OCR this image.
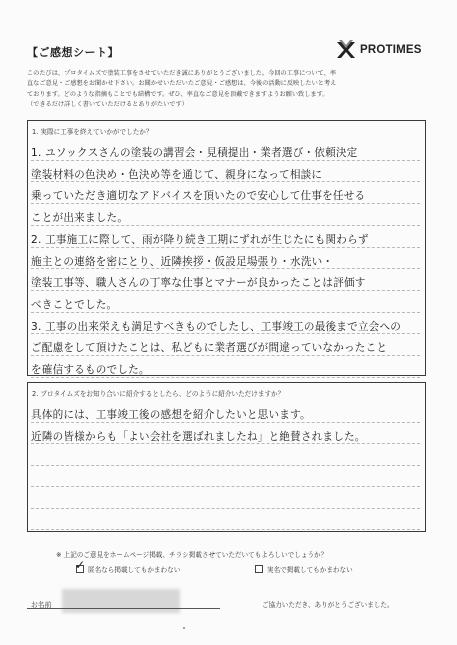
【ご感想シート】	PROTIMES
このたびは、プロタイムズで塗装工事をさせていただき誠にありがとうございました。今回の工事について、率
直なご意見・ご感想をお聞かせ下さい。お聞かせいただいたご意見・ご感想は、今後の活動に反映したいと考え
ております。どのような指摘もことでも結構です。ぜひ、率直なご意見を頂戴できますようお願い致します。
（できるだけ詳しく書いていただけるとありがたいです）
1. 実際に工事を終えていかがでしたか？
1. ユソックスさんの塗装の講習会・見積提出・業者選び・依頼決定
塗装材料の色決め・色決め等を通じて、親身になって相談に
乗っていただき適切なアドバイスを頂いたので安心して仕事を任せる
ことが出来ました。
2. 工事施工に際して、雨が降り続き工期にずれが生じたにも関わらず
施主との連絡を密にとり、近隣挨拶・仮設足場張り・水洗い・
塗装工事等、職人さんの丁寧な仕事とマナーが良かったことは評価す
べきことでした。
3. 工事の出来栄えも満足すべきものでしたし、工事竣工の最後まで立会への
ご配慮をして頂けたことは、私どもに業者選びが間違っていなかったこと
を確信するものでした。
2. プロタイムズをお知り合いに紹介するとしたら、どのように紹介いただけますか？
具体的には、工事竣工後の感想を紹介したいと思います。
近隣の皆様からも「よい会社を選ばれましたね」と絶賛されました。
※ 上記のご意見をホームページ掲載、チラシ掲載させていただいてもよろしいでしょうか？
✓ 匿名なら掲載してもかまわない	実名で掲載してもかまわない
お名前	ご協力いただき、ありがとうございました。
